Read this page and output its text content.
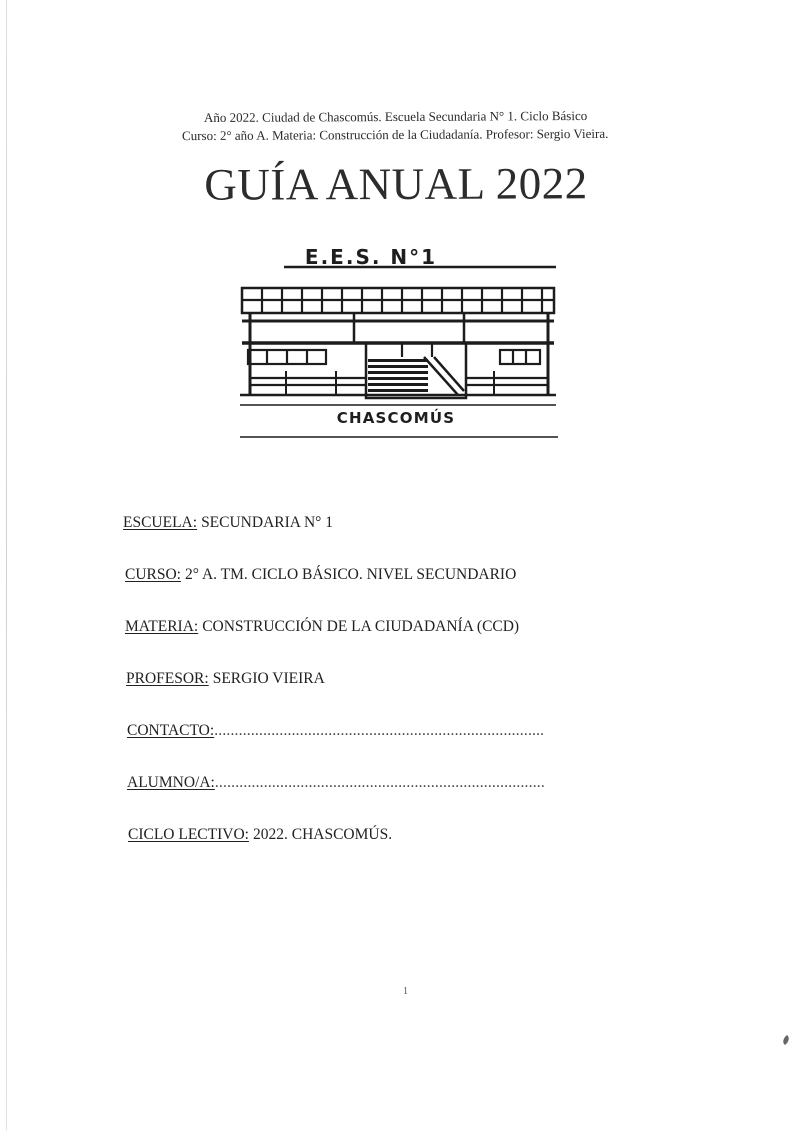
Año 2022. Ciudad de Chascomús. Escuela Secundaria N° 1. Ciclo Básico
Curso: 2° año A. Materia: Construcción de la Ciudadanía. Profesor: Sergio Vieira.
GUÍA ANUAL 2022
E.E.S. N°1
CHASCOMÚS
ESCUELA: SECUNDARIA N° 1
CURSO: 2° A. TM. CICLO BÁSICO. NIVEL SECUNDARIO
MATERIA: CONSTRUCCIÓN DE LA CIUDADANÍA (CCD)
PROFESOR: SERGIO VIEIRA
CONTACTO:.................................................................................
ALUMNO/A:.................................................................................
CICLO LECTIVO: 2022. CHASCOMÚS.
1
